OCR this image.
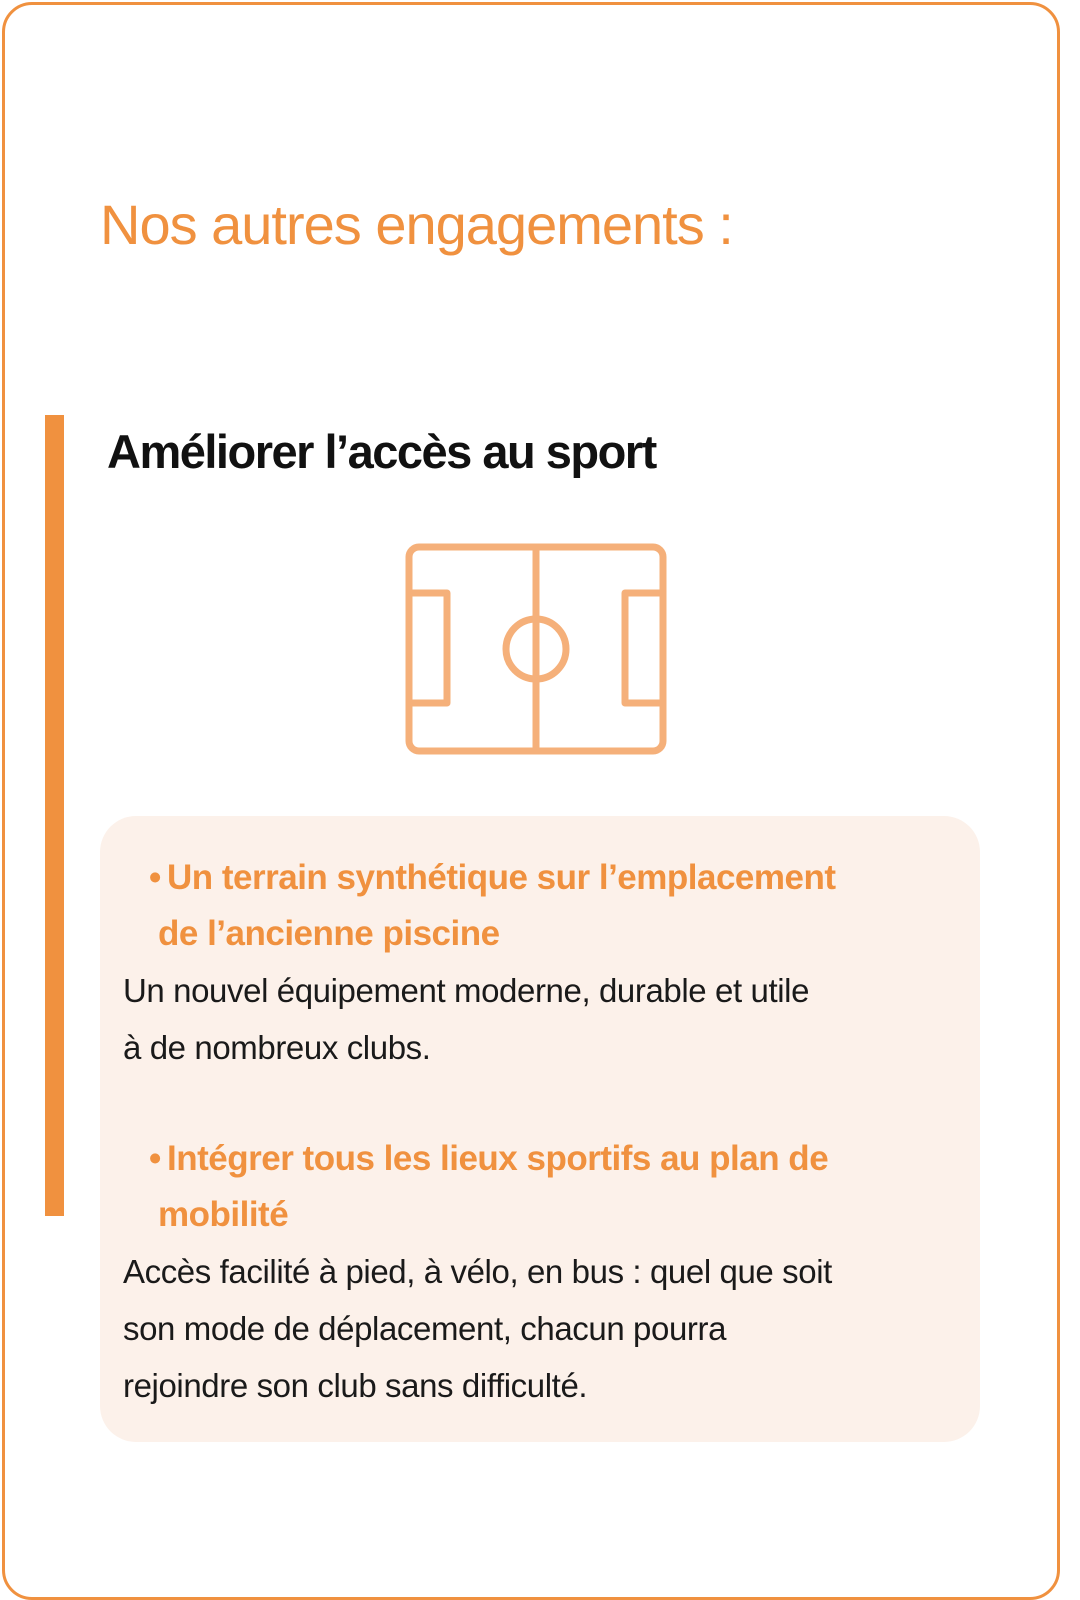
Nos autres engagements :
Améliorer l’accès au sport
• Un terrain synthétique sur l’emplacement
de l’ancienne piscine
Un nouvel équipement moderne, durable et utile
à de nombreux clubs.
• Intégrer tous les lieux sportifs au plan de
mobilité
Accès facilité à pied, à vélo, en bus : quel que soit
son mode de déplacement, chacun pourra
rejoindre son club sans difficulté.
